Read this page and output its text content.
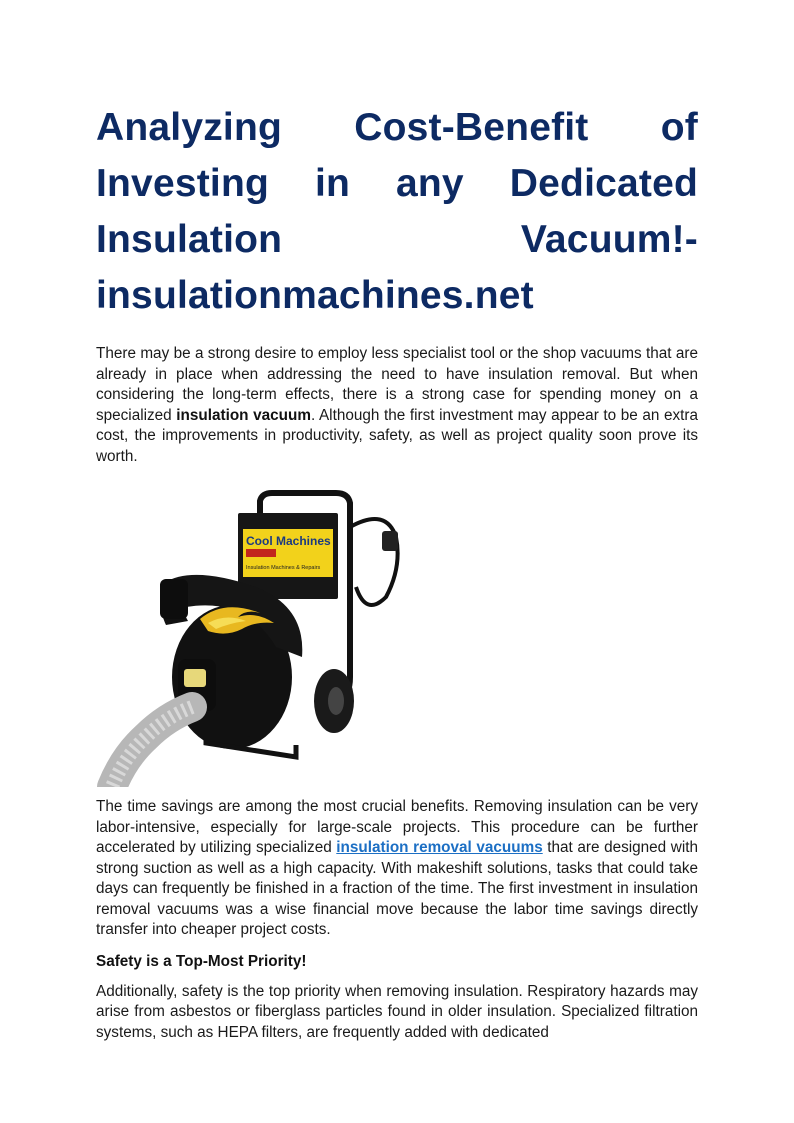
Analyzing Cost-Benefit of Investing in any Dedicated Insulation Vacuum!- insulationmachines.net

There may be a strong desire to employ less specialist tool or the shop vacuums that are already in place when addressing the need to have insulation removal. But when considering the long-term effects, there is a strong case for spending money on a specialized insulation vacuum. Although the first investment may appear to be an extra cost, the improvements in productivity, safety, as well as project quality soon prove its worth.

Cool Machines
Insulation Machines & Repairs

The time savings are among the most crucial benefits. Removing insulation can be very labor-intensive, especially for large-scale projects. This procedure can be further accelerated by utilizing specialized insulation removal vacuums that are designed with strong suction as well as a high capacity. With makeshift solutions, tasks that could take days can frequently be finished in a fraction of the time. The first investment in insulation removal vacuums was a wise financial move because the labor time savings directly transfer into cheaper project costs.

Safety is a Top-Most Priority!

Additionally, safety is the top priority when removing insulation. Respiratory hazards may arise from asbestos or fiberglass particles found in older insulation. Specialized filtration systems, such as HEPA filters, are frequently added with dedicated
